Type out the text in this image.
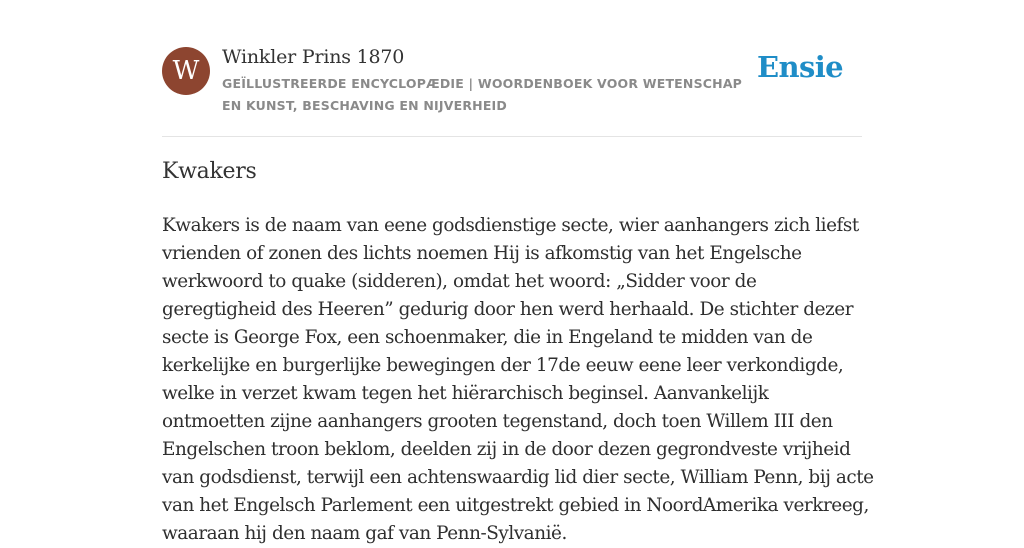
W	Winkler Prins 1870
GEÏLLUSTREERDE ENCYCLOPÆDIE | WOORDENBOEK VOOR WETENSCHAP EN KUNST, BESCHAVING EN NIJVERHEID
Ensie
Kwakers

Kwakers is de naam van eene godsdienstige secte, wier aanhangers zich liefst vrienden of zonen des lichts noemen Hij is afkomstig van het Engelsche werkwoord to quake (sidderen), omdat het woord: „Sidder voor de geregtigheid des Heeren” gedurig door hen werd herhaald. De stichter dezer secte is George Fox, een schoenmaker, die in Engeland te midden van de kerkelijke en burgerlijke bewegingen der 17de eeuw eene leer verkondigde, welke in verzet kwam tegen het hiërarchisch beginsel. Aanvankelijk ontmoetten zijne aanhangers grooten tegenstand, doch toen Willem III den Engelschen troon beklom, deelden zij in de door dezen gegrondveste vrijheid van godsdienst, terwijl een achtenswaardig lid dier secte, William Penn, bij acte van het Engelsch Parlement een uitgestrekt gebied in NoordAmerika verkreeg, waaraan hij den naam gaf van Penn-Sylvanië.
